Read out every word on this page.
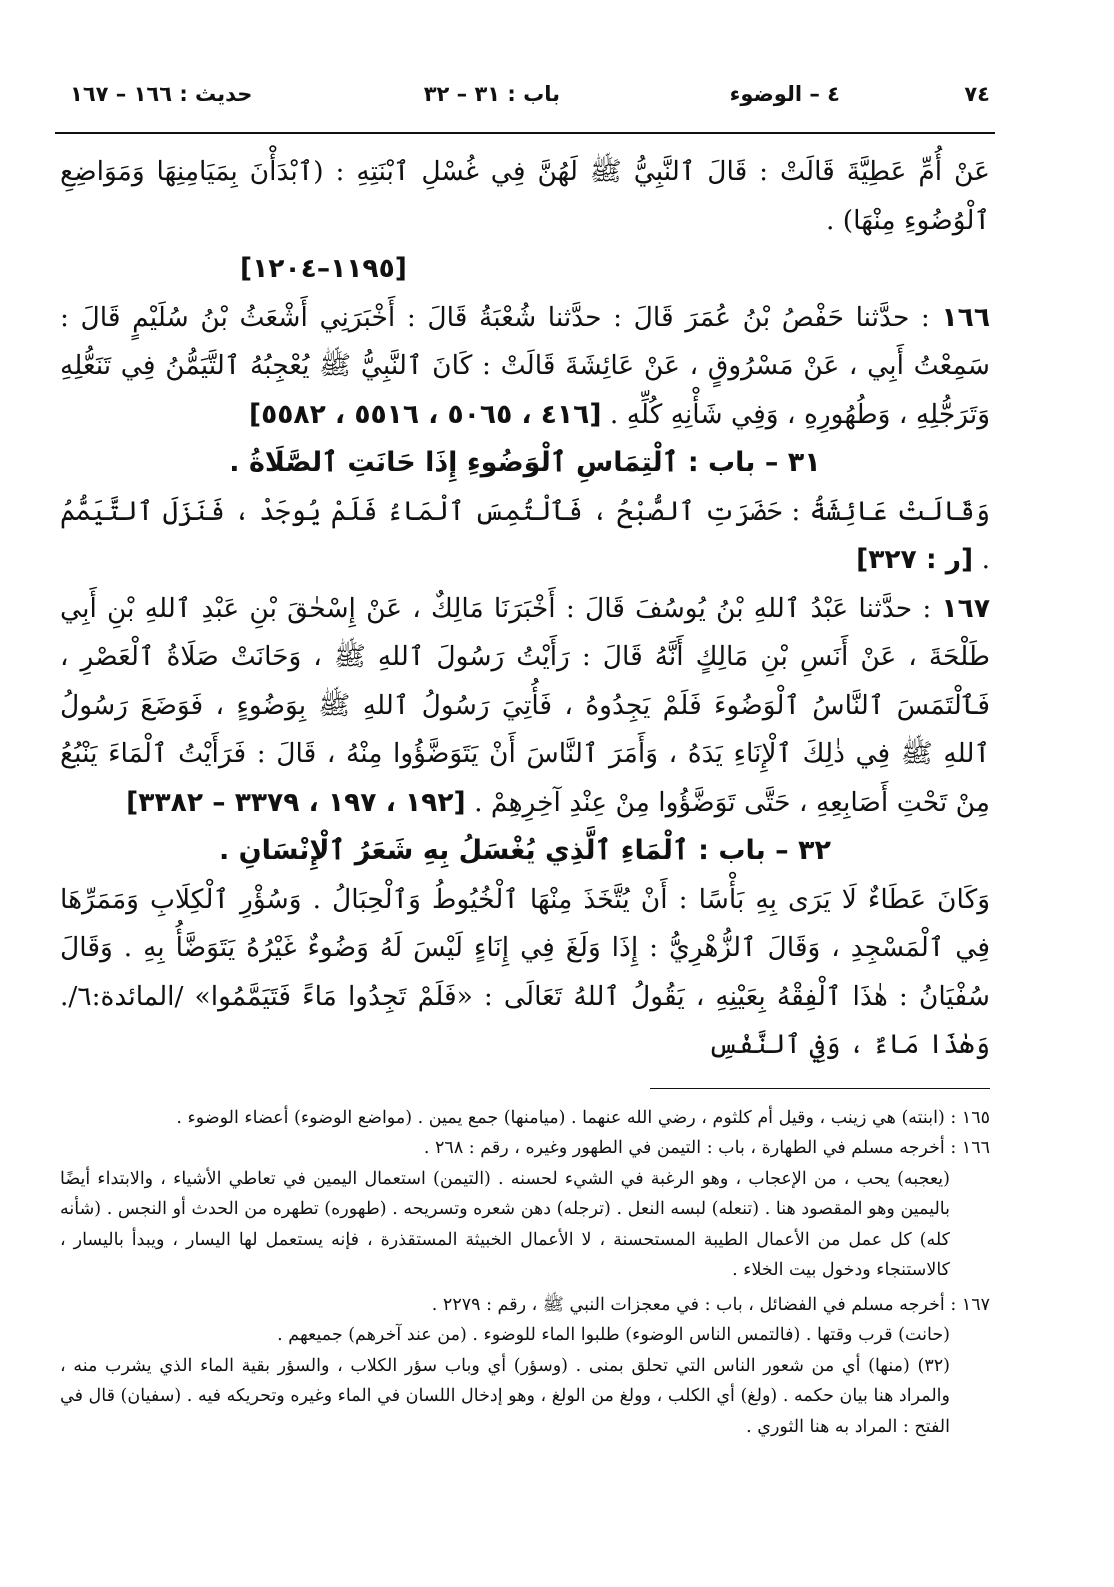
٧٤
٤ – الوضوء
باب : ٣١ – ٣٢
حديث : ١٦٦ – ١٦٧

عَنْ أُمِّ عَطِيَّةَ قَالَتْ : قَالَ ٱلنَّبِيُّ ﷺ لَهُنَّ فِي غُسْلِ ٱبْنَتِهِ : (ٱبْدَأْنَ بِمَيَامِنِهَا وَمَوَاضِعِ ٱلْوُضُوءِ مِنْهَا) .
[١١٩٥–١٢٠٤]

١٦٦ : حدَّثنا حَفْصُ بْنُ عُمَرَ قَالَ : حدَّثنا شُعْبَةُ قَالَ : أَخْبَرَنِي أَشْعَثُ بْنُ سُلَيْمٍ قَالَ : سَمِعْتُ أَبِي ، عَنْ مَسْرُوقٍ ، عَنْ عَائِشَةَ قَالَتْ : كَانَ ٱلنَّبِيُّ ﷺ يُعْجِبُهُ ٱلتَّيَمُّنُ فِي تَنَعُّلِهِ وَتَرَجُّلِهِ ، وَطُهُورِهِ ، وَفِي شَأْنِهِ كُلِّهِ . [٤١٦ ، ٥٠٦٥ ، ٥٥١٦ ، ٥٥٨٢]

٣١ – باب : ٱلْتِمَاسِ ٱلْوَضُوءِ إِذَا حَانَتِ ٱلصَّلَاةُ .

وَقَالَتْ عَائِشَةُ : حَضَرَتِ ٱلصُّبْحُ ، فَٱلْتُمِسَ ٱلْمَاءُ فَلَمْ يُوجَدْ ، فَنَزَلَ ٱلتَّيَمُّمُ . [ر : ٣٢٧]

١٦٧ : حدَّثنا عَبْدُ ٱللهِ بْنُ يُوسُفَ قَالَ : أَخْبَرَنَا مَالِكٌ ، عَنْ إِسْحٰقَ بْنِ عَبْدِ ٱللهِ بْنِ أَبِي طَلْحَةَ ، عَنْ أَنَسِ بْنِ مَالِكٍ أَنَّهُ قَالَ : رَأَيْتُ رَسُولَ ٱللهِ ﷺ ، وَحَانَتْ صَلَاةُ ٱلْعَصْرِ ، فَٱلْتَمَسَ ٱلنَّاسُ ٱلْوَضُوءَ فَلَمْ يَجِدُوهُ ، فَأُتِيَ رَسُولُ ٱللهِ ﷺ بِوَضُوءٍ ، فَوَضَعَ رَسُولُ ٱللهِ ﷺ فِي ذٰلِكَ ٱلْإِنَاءِ يَدَهُ ، وَأَمَرَ ٱلنَّاسَ أَنْ يَتَوَضَّؤُوا مِنْهُ ، قَالَ : فَرَأَيْتُ ٱلْمَاءَ يَنْبُعُ مِنْ تَحْتِ أَصَابِعِهِ ، حَتَّى تَوَضَّؤُوا مِنْ عِنْدِ آخِرِهِمْ . [١٩٢ ، ١٩٧ ، ٣٣٧٩ – ٣٣٨٢]

٣٢ – باب : ٱلْمَاءِ ٱلَّذِي يُغْسَلُ بِهِ شَعَرُ ٱلْإِنْسَانِ .

وَكَانَ عَطَاءٌ لَا يَرَى بِهِ بَأْسًا : أَنْ يُتَّخَذَ مِنْهَا ٱلْخُيُوطُ وَٱلْحِبَالُ . وَسُؤْرِ ٱلْكِلَابِ وَمَمَرِّهَا فِي ٱلْمَسْجِدِ ، وَقَالَ ٱلزُّهْرِيُّ : إِذَا وَلَغَ فِي إِنَاءٍ لَيْسَ لَهُ وَضُوءٌ غَيْرُهُ يَتَوَضَّأُ بِهِ . وَقَالَ سُفْيَانُ : هٰذَا ٱلْفِقْهُ بِعَيْنِهِ ، يَقُولُ ٱللهُ تَعَالَى : «فَلَمْ تَجِدُوا مَاءً فَتَيَمَّمُوا» /المائدة:٦/. وَهٰذَا مَاءٌ ، وَفِي ٱلنَّفْسِ

١٦٥ : (ابنته) هي زينب ، وقيل أم كلثوم ، رضي الله عنهما . (ميامنها) جمع يمين . (مواضع الوضوء) أعضاء الوضوء .

١٦٦ : أخرجه مسلم في الطهارة ، باب : التيمن في الطهور وغيره ، رقم : ٢٦٨ .

(يعجبه) يحب ، من الإعجاب ، وهو الرغبة في الشيء لحسنه . (التيمن) استعمال اليمين في تعاطي الأشياء ، والابتداء أيضًا باليمين وهو المقصود هنا . (تنعله) لبسه النعل . (ترجله) دهن شعره وتسريحه . (طهوره) تطهره من الحدث أو النجس . (شأنه كله) كل عمل من الأعمال الطيبة المستحسنة ، لا الأعمال الخبيثة المستقذرة ، فإنه يستعمل لها اليسار ، ويبدأ باليسار ، كالاستنجاء ودخول بيت الخلاء .

١٦٧ : أخرجه مسلم في الفضائل ، باب : في معجزات النبي ﷺ ، رقم : ٢٢٧٩ .

(حانت) قرب وقتها . (فالتمس الناس الوضوء) طلبوا الماء للوضوء . (من عند آخرهم) جميعهم .

(٣٢) (منها) أي من شعور الناس التي تحلق بمنى . (وسؤر) أي وباب سؤر الكلاب ، والسؤر بقية الماء الذي يشرب منه ، والمراد هنا بيان حكمه . (ولغ) أي الكلب ، وولغ من الولغ ، وهو إدخال اللسان في الماء وغيره وتحريكه فيه . (سفيان) قال في الفتح : المراد به هنا الثوري .
